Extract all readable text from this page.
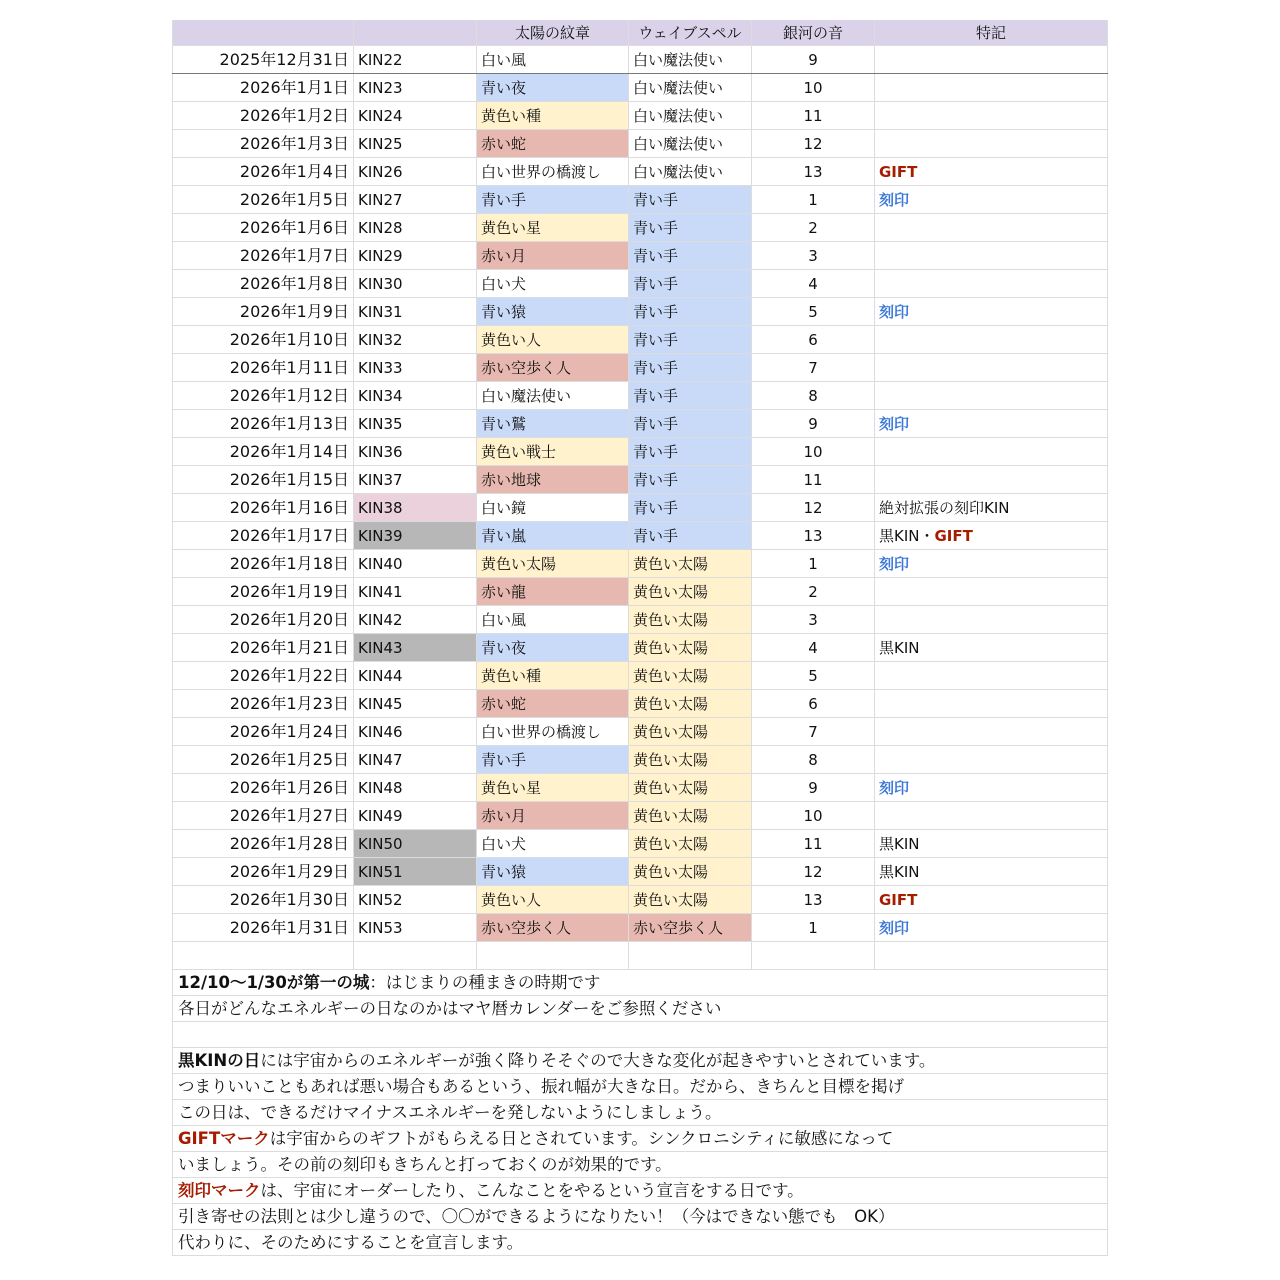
太陽の紋章	ウェイブスペル	銀河の音	特記
2025年12月31日 KIN22	白い風	白い魔法使い	9
2026年1月1日 KIN23	青い夜	白い魔法使い	10
2026年1月2日 KIN24	黄色い種	白い魔法使い	11
2026年1月3日 KIN25	赤い蛇	白い魔法使い	12
2026年1月4日 KIN26	白い世界の橋渡し	白い魔法使い	13	GIFT
2026年1月5日 KIN27	青い手	青い手	1	刻印
2026年1月6日 KIN28	黄色い星	青い手	2
2026年1月7日 KIN29	赤い月	青い手	3
2026年1月8日 KIN30	白い犬	青い手	4
2026年1月9日 KIN31	青い猿	青い手	5	刻印
2026年1月10日 KIN32	黄色い人	青い手	6
2026年1月11日 KIN33	赤い空歩く人	青い手	7
2026年1月12日 KIN34	白い魔法使い	青い手	8
2026年1月13日 KIN35	青い鷲	青い手	9	刻印
2026年1月14日 KIN36	黄色い戦士	青い手	10
2026年1月15日 KIN37	赤い地球	青い手	11
2026年1月16日 KIN38	白い鏡	青い手	12	絶対拡張の刻印KIN
2026年1月17日 KIN39	青い嵐	青い手	13	黒KIN・GIFT
2026年1月18日 KIN40	黄色い太陽	黄色い太陽	1	刻印
2026年1月19日 KIN41	赤い龍	黄色い太陽	2
2026年1月20日 KIN42	白い風	黄色い太陽	3
2026年1月21日 KIN43	青い夜	黄色い太陽	4	黒KIN
2026年1月22日 KIN44	黄色い種	黄色い太陽	5
2026年1月23日 KIN45	赤い蛇	黄色い太陽	6
2026年1月24日 KIN46	白い世界の橋渡し	黄色い太陽	7
2026年1月25日 KIN47	青い手	黄色い太陽	8
2026年1月26日 KIN48	黄色い星	黄色い太陽	9	刻印
2026年1月27日 KIN49	赤い月	黄色い太陽	10
2026年1月28日 KIN50	白い犬	黄色い太陽	11	黒KIN
2026年1月29日 KIN51	青い猿	黄色い太陽	12	黒KIN
2026年1月30日 KIN52	黄色い人	黄色い太陽	13	GIFT
2026年1月31日 KIN53	赤い空歩く人	赤い空歩く人	1	刻印
12/10〜1/30が第一の城：はじまりの種まきの時期です
各日がどんなエネルギーの日なのかはマヤ暦カレンダーをご参照ください
黒KINの日には宇宙からのエネルギーが強く降りそそぐので大きな変化が起きやすいとされています。
つまりいいこともあれば悪い場合もあるという、振れ幅が大きな日。だから、きちんと目標を掲げ
この日は、できるだけマイナスエネルギーを発しないようにしましょう。
GIFTマークは宇宙からのギフトがもらえる日とされています。シンクロニシティに敏感になって
いましょう。その前の刻印もきちんと打っておくのが効果的です。
刻印マークは、宇宙にオーダーしたり、こんなことをやるという宣言をする日です。
引き寄せの法則とは少し違うので、〇〇ができるようになりたい！（今はできない態でも　OK）
代わりに、そのためにすることを宣言します。
